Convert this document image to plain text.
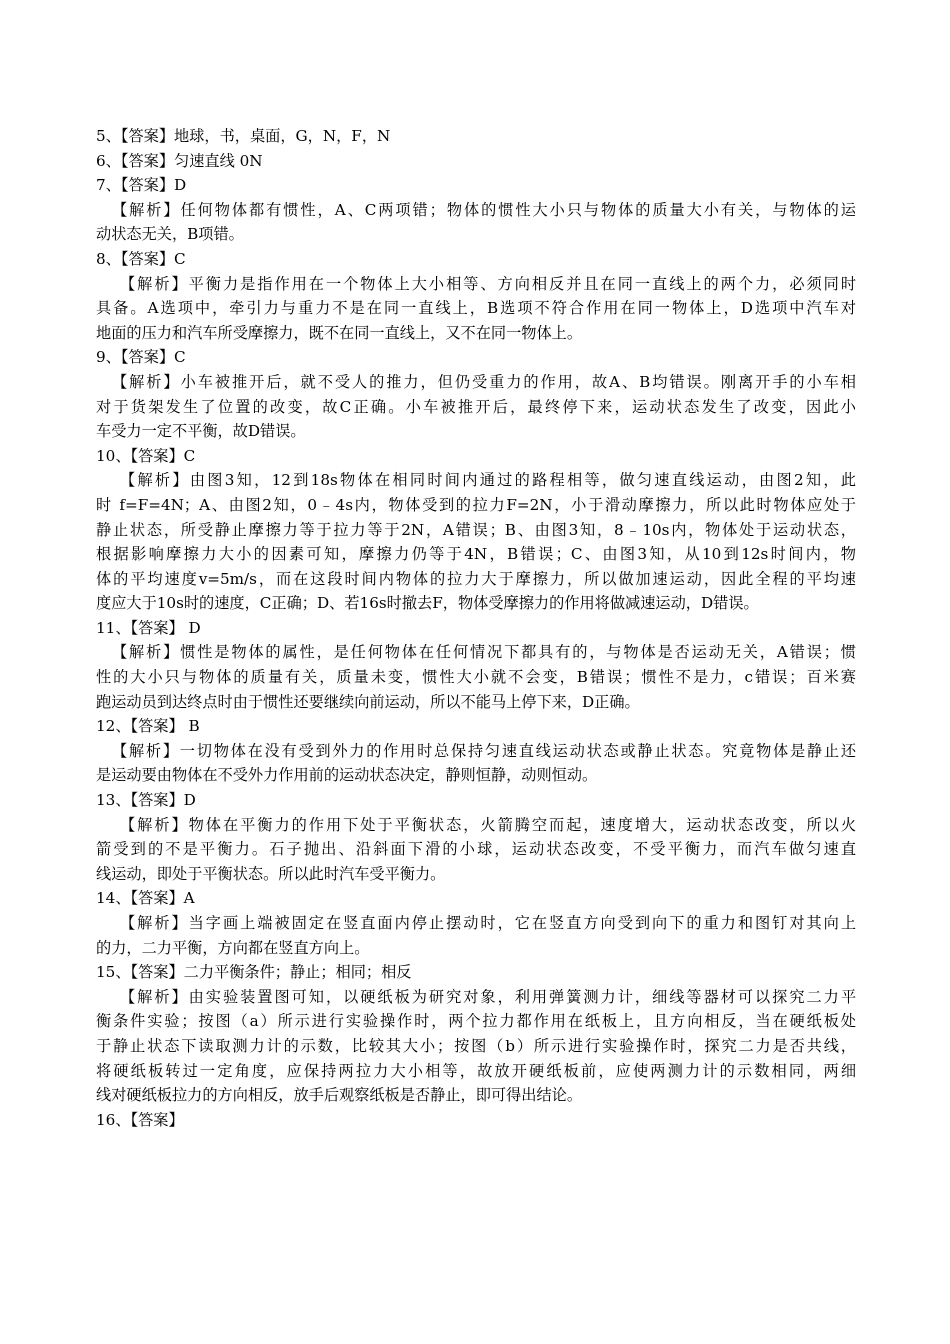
5、【答案】地球，书，桌面，G，N，F，N
6、【答案】匀速直线 0N
7、【答案】D
【解析】任何物体都有惯性，A、C两项错；物体的惯性大小只与物体的质量大小有关，与物体的运
动状态无关，B项错。
8、【答案】C
【解析】平衡力是指作用在一个物体上大小相等、方向相反并且在同一直线上的两个力，必须同时
具备。A选项中，牵引力与重力不是在同一直线上，B选项不符合作用在同一物体上，D选项中汽车对
地面的压力和汽车所受摩擦力，既不在同一直线上，又不在同一物体上。
9、【答案】C
【解析】小车被推开后，就不受人的推力，但仍受重力的作用，故A、B均错误。刚离开手的小车相
对于货架发生了位置的改变，故C正确。小车被推开后，最终停下来，运动状态发生了改变，因此小
车受力一定不平衡，故D错误。
10、【答案】C
【解析】由图3知，12到18s物体在相同时间内通过的路程相等，做匀速直线运动，由图2知，此
时 f=F=4N；A、由图2知，0﹣4s内，物体受到的拉力F=2N，小于滑动摩擦力，所以此时物体应处于
静止状态，所受静止摩擦力等于拉力等于2N，A错误；B、由图3知，8﹣10s内，物体处于运动状态，
根据影响摩擦力大小的因素可知，摩擦力仍等于4N，B错误；C、由图3知，从10到12s时间内，物
体的平均速度v=5m/s，而在这段时间内物体的拉力大于摩擦力，所以做加速运动，因此全程的平均速
度应大于10s时的速度，C正确；D、若16s时撤去F，物体受摩擦力的作用将做减速运动，D错误。
11、【答案】 D
【解析】惯性是物体的属性，是任何物体在任何情况下都具有的，与物体是否运动无关，A错误；惯
性的大小只与物体的质量有关，质量未变，惯性大小就不会变，B错误；惯性不是力，c错误；百米赛
跑运动员到达终点时由于惯性还要继续向前运动，所以不能马上停下来，D正确。
12、【答案】 B
【解析】一切物体在没有受到外力的作用时总保持匀速直线运动状态或静止状态。究竟物体是静止还
是运动要由物体在不受外力作用前的运动状态决定，静则恒静，动则恒动。
13、【答案】D
【解析】物体在平衡力的作用下处于平衡状态，火箭腾空而起，速度增大，运动状态改变，所以火
箭受到的不是平衡力。石子抛出、沿斜面下滑的小球，运动状态改变，不受平衡力，而汽车做匀速直
线运动，即处于平衡状态。所以此时汽车受平衡力。
14、【答案】A
【解析】当字画上端被固定在竖直面内停止摆动时，它在竖直方向受到向下的重力和图钉对其向上
的力，二力平衡，方向都在竖直方向上。
15、【答案】二力平衡条件；静止；相同；相反
【解析】由实验装置图可知，以硬纸板为研究对象，利用弹簧测力计，细线等器材可以探究二力平
衡条件实验；按图（a）所示进行实验操作时，两个拉力都作用在纸板上，且方向相反，当在硬纸板处
于静止状态下读取测力计的示数，比较其大小；按图（b）所示进行实验操作时，探究二力是否共线，
将硬纸板转过一定角度，应保持两拉力大小相等，故放开硬纸板前，应使两测力计的示数相同，两细
线对硬纸板拉力的方向相反，放手后观察纸板是否静止，即可得出结论。
16、【答案】
